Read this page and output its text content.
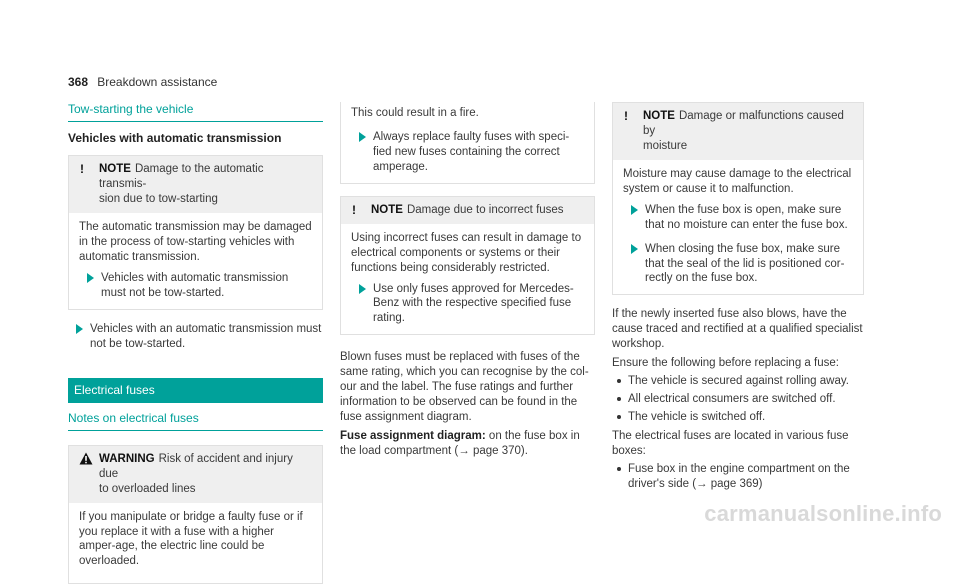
368 Breakdown assistance
Tow-starting the vehicle
Vehicles with automatic transmission
! NOTE Damage to the automatic transmis-
sion due to tow-starting

The automatic transmission may be damaged in the process of tow-starting vehicles with automatic transmission.

Vehicles with automatic transmission must not be tow-started.
Vehicles with an automatic transmission must not be tow-started.
Electrical fuses
Notes on electrical fuses
WARNING Risk of accident and injury due
to overloaded lines

If you manipulate or bridge a faulty fuse or if you replace it with a fuse with a higher amper-age, the electric line could be overloaded.

This could result in a fire.

Always replace faulty fuses with speci-fied new fuses containing the correct amperage.
! NOTE Damage due to incorrect fuses

Using incorrect fuses can result in damage to electrical components or systems or their functions being considerably restricted.

Use only fuses approved for Mercedes-Benz with the respective specified fuse rating.

Blown fuses must be replaced with fuses of the same rating, which you can recognise by the col-our and the label. The fuse ratings and further information to be observed can be found in the fuse assignment diagram.

Fuse assignment diagram: on the fuse box in the load compartment (→ page 370).

! NOTE Damage or malfunctions caused by
moisture

Moisture may cause damage to the electrical system or cause it to malfunction.

When the fuse box is open, make sure that no moisture can enter the fuse box.
When closing the fuse box, make sure that the seal of the lid is positioned cor-rectly on the fuse box.

If the newly inserted fuse also blows, have the cause traced and rectified at a qualified specialist workshop.

Ensure the following before replacing a fuse:

The vehicle is secured against rolling away.
All electrical consumers are switched off.
The vehicle is switched off.

The electrical fuses are located in various fuse boxes:

Fuse box in the engine compartment on the driver's side (→ page 369)
carmanualsonline.info
